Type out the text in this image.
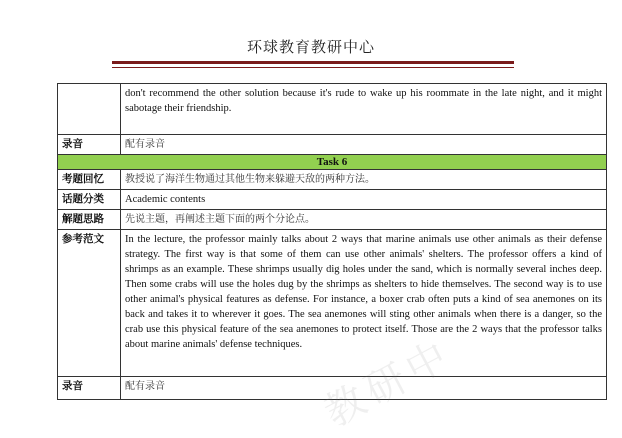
环球教育教研中心
	don't recommend the other solution because it's rude to wake up his roommate in the late night, and it might sabotage their friendship.
录音	配有录音
Task 6	
考题回忆	教授说了海洋生物通过其他生物来躲避天敌的两种方法。
话题分类	Academic contents
解题思路	先说主题，再阐述主题下面的两个分论点。
参考范文	In the lecture, the professor mainly talks about 2 ways that marine animals use other animals as their defense strategy. The first way is that some of them can use other animals' shelters. The professor offers a kind of shrimps as an example. These shrimps usually dig holes under the sand, which is normally several inches deep. Then some crabs will use the holes dug by the shrimps as shelters to hide themselves. The second way is to use other animal's physical features as defense. For instance, a boxer crab often puts a kind of sea anemones on its back and takes it to wherever it goes. The sea anemones will sting other animals when there is a danger, so the crab use this physical feature of the sea anemones to protect itself. Those are the 2 ways that the professor talks about marine animals' defense techniques.
录音	配有录音	教研中
